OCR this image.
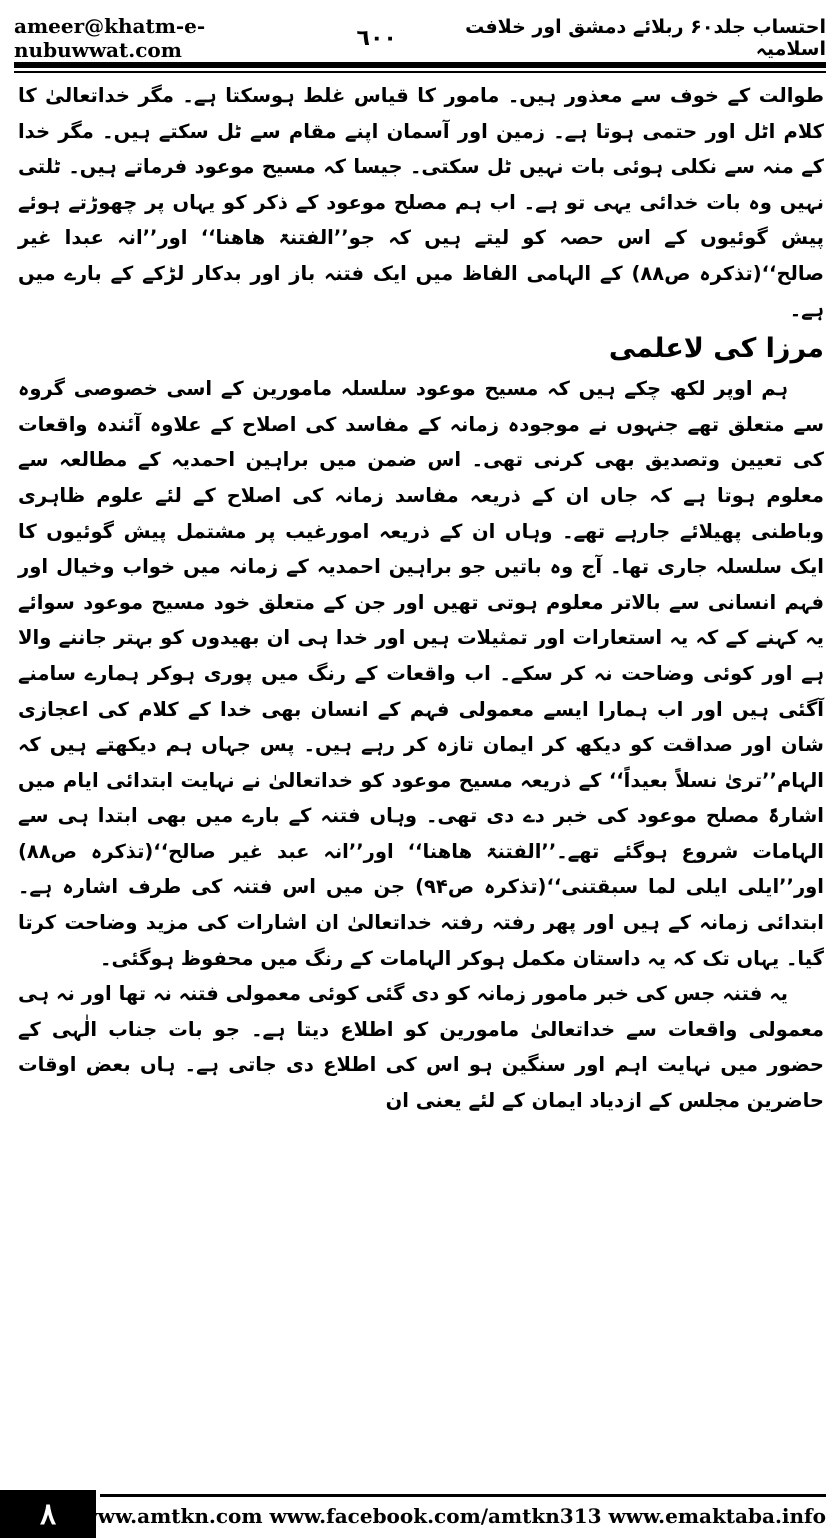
ameer@khatm-e-nubuwwat.com
احتساب جلد۶۰ ربلائے دمشق اور خلافت اسلامیہ
٦٠٠

طوالت کے خوف سے معذور ہیں۔ مامور کا قیاس غلط ہوسکتا ہے۔ مگر خداتعالیٰ کا کلام اٹل اور حتمی ہوتا ہے۔ زمین اور آسمان اپنے مقام سے ٹل سکتے ہیں۔ مگر خدا کے منہ سے نکلی ہوئی بات نہیں ٹل سکتی۔ جیسا کہ مسیح موعود فرماتے ہیں۔ ٹلتی نہیں وہ بات خدائی یہی تو ہے۔ اب ہم مصلح موعود کے ذکر کو یہاں پر چھوڑتے ہوئے پیش گوئیوں کے اس حصہ کو لیتے ہیں کہ جو’’الفتنۃ ھاھنا‘‘ اور’’انہ عبدا غیر صالح‘‘(تذکرہ ص۸۸) کے الہامی الفاظ میں ایک فتنہ باز اور بدکار لڑکے کے بارے میں ہے۔

مرزا کی لاعلمی

ہم اوپر لکھ چکے ہیں کہ مسیح موعود سلسلہ مامورین کے اسی خصوصی گروہ سے متعلق تھے جنہوں نے موجودہ زمانہ کے مفاسد کی اصلاح کے علاوہ آئندہ واقعات کی تعیین وتصدیق بھی کرنی تھی۔ اس ضمن میں براہین احمدیہ کے مطالعہ سے معلوم ہوتا ہے کہ جاں ان کے ذریعہ مفاسد زمانہ کی اصلاح کے لئے علوم ظاہری وباطنی پھیلائے جارہے تھے۔ وہاں ان کے ذریعہ امورغیب پر مشتمل پیش گوئیوں کا ایک سلسلہ جاری تھا۔ آج وہ باتیں جو براہین احمدیہ کے زمانہ میں خواب وخیال اور فہم انسانی سے بالاتر معلوم ہوتی تھیں اور جن کے متعلق خود مسیح موعود سوائے یہ کہنے کے کہ یہ استعارات اور تمثیلات ہیں اور خدا ہی ان بھیدوں کو بہتر جاننے والا ہے اور کوئی وضاحت نہ کر سکے۔ اب واقعات کے رنگ میں پوری ہوکر ہمارے سامنے آگئی ہیں اور اب ہمارا ایسے معمولی فہم کے انسان بھی خدا کے کلام کی اعجازی شان اور صداقت کو دیکھ کر ایمان تازہ کر رہے ہیں۔ پس جہاں ہم دیکھتے ہیں کہ الہام’’تریٰ نسلاً بعیداً‘‘ کے ذریعہ مسیح موعود کو خداتعالیٰ نے نہایت ابتدائی ایام میں اشارۃً مصلح موعود کی خبر دے دی تھی۔ وہاں فتنہ کے بارے میں بھی ابتدا ہی سے الہامات شروع ہوگئے تھے۔’’الفتنۃ ھاھنا‘‘ اور’’انہ عبد غیر صالح‘‘(تذکرہ ص۸۸) اور’’ایلی ایلی لما سبقتنی‘‘(تذکرہ ص۹۴) جن میں اس فتنہ کی طرف اشارہ ہے۔ ابتدائی زمانہ کے ہیں اور پھر رفتہ رفتہ خداتعالیٰ ان اشارات کی مزید وضاحت کرتا گیا۔ یہاں تک کہ یہ داستان مکمل ہوکر الہامات کے رنگ میں محفوظ ہوگئی۔

یہ فتنہ جس کی خبر مامور زمانہ کو دی گئی کوئی معمولی فتنہ نہ تھا اور نہ ہی معمولی واقعات سے خداتعالیٰ مامورین کو اطلاع دیتا ہے۔ جو بات جناب الٰہی کے حضور میں نہایت اہم اور سنگین ہو اس کی اطلاع دی جاتی ہے۔ ہاں بعض اوقات حاضرین مجلس کے ازدیاد ایمان کے لئے یعنی ان

۸	www.amtkn.com www.facebook.com/amtkn313 www.emaktaba.info
